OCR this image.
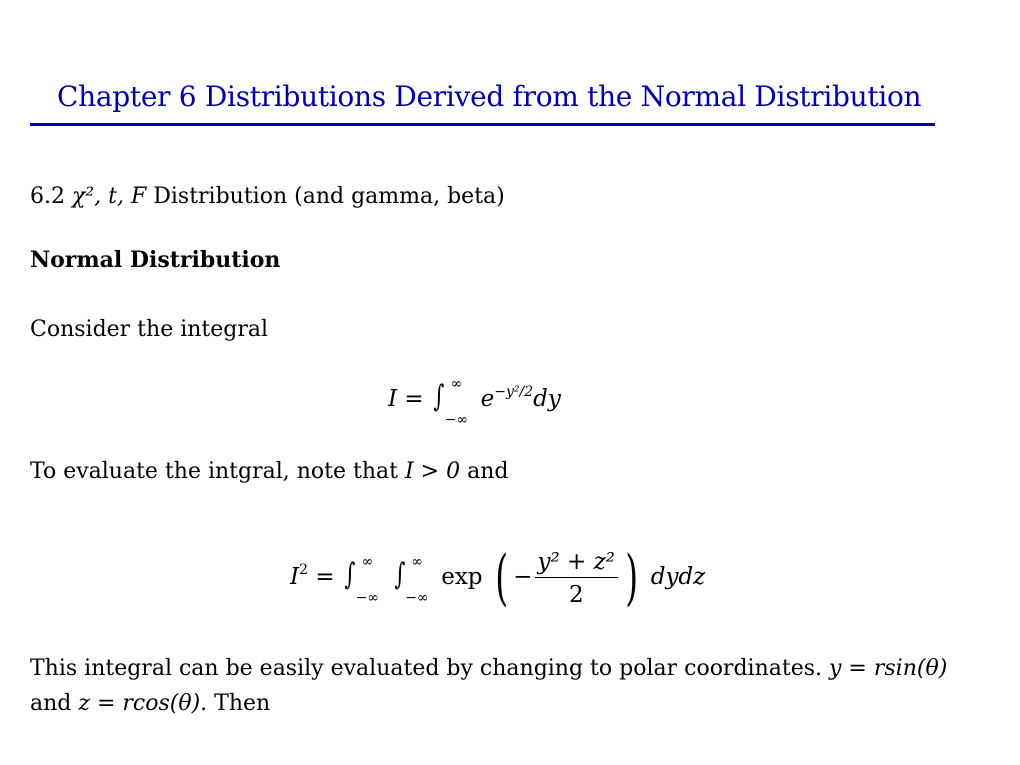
Chapter 6 Distributions Derived from the Normal Distribution
6.2 χ², t, F Distribution (and gamma, beta)
Normal Distribution
Consider the integral
I = ∫ ∞
−∞
$e^{-y^2/2}dy$
To evaluate the intgral, note that I > 0 and
$I^2$ = ∫ ∞
−∞
∫ ∞
−∞
exp ( − $\frac{\text{y² + z²}}{2}$ ) dydz
This integral can be easily evaluated by changing to polar coordinates. y = rsin(θ)
and z = rcos(θ). Then
